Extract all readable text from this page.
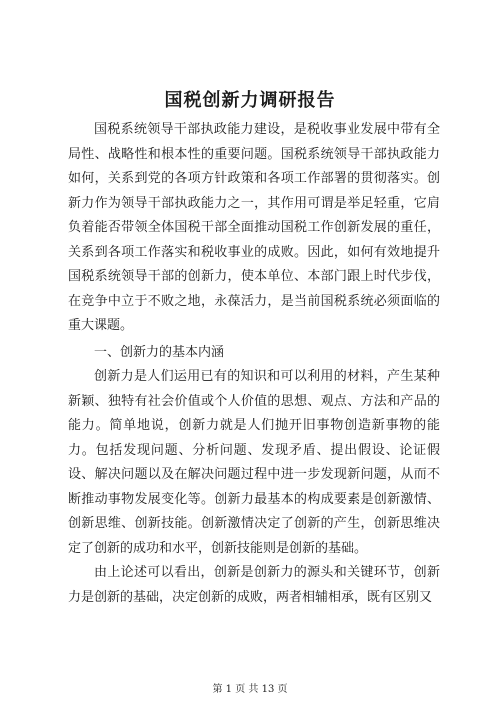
国税创新力调研报告

国税系统领导干部执政能力建设，是税收事业发展中带有全局性、战略性和根本性的重要问题。国税系统领导干部执政能力如何，关系到党的各项方针政策和各项工作部署的贯彻落实。创新力作为领导干部执政能力之一，其作用可谓是举足轻重，它肩负着能否带领全体国税干部全面推动国税工作创新发展的重任，关系到各项工作落实和税收事业的成败。因此，如何有效地提升国税系统领导干部的创新力，使本单位、本部门跟上时代步伐，在竞争中立于不败之地，永葆活力，是当前国税系统必须面临的重大课题。

一、创新力的基本内涵

创新力是人们运用已有的知识和可以利用的材料，产生某种新颖、独特有社会价值或个人价值的思想、观点、方法和产品的能力。简单地说，创新力就是人们抛开旧事物创造新事物的能力。包括发现问题、分析问题、发现矛盾、提出假设、论证假设、解决问题以及在解决问题过程中进一步发现新问题，从而不断推动事物发展变化等。创新力最基本的构成要素是创新激情、创新思维、创新技能。创新激情决定了创新的产生，创新思维决定了创新的成功和水平，创新技能则是创新的基础。

由上论述可以看出，创新是创新力的源头和关键环节，创新力是创新的基础，决定创新的成败，两者相辅相承，既有区别又

第 1 页 共 13 页
